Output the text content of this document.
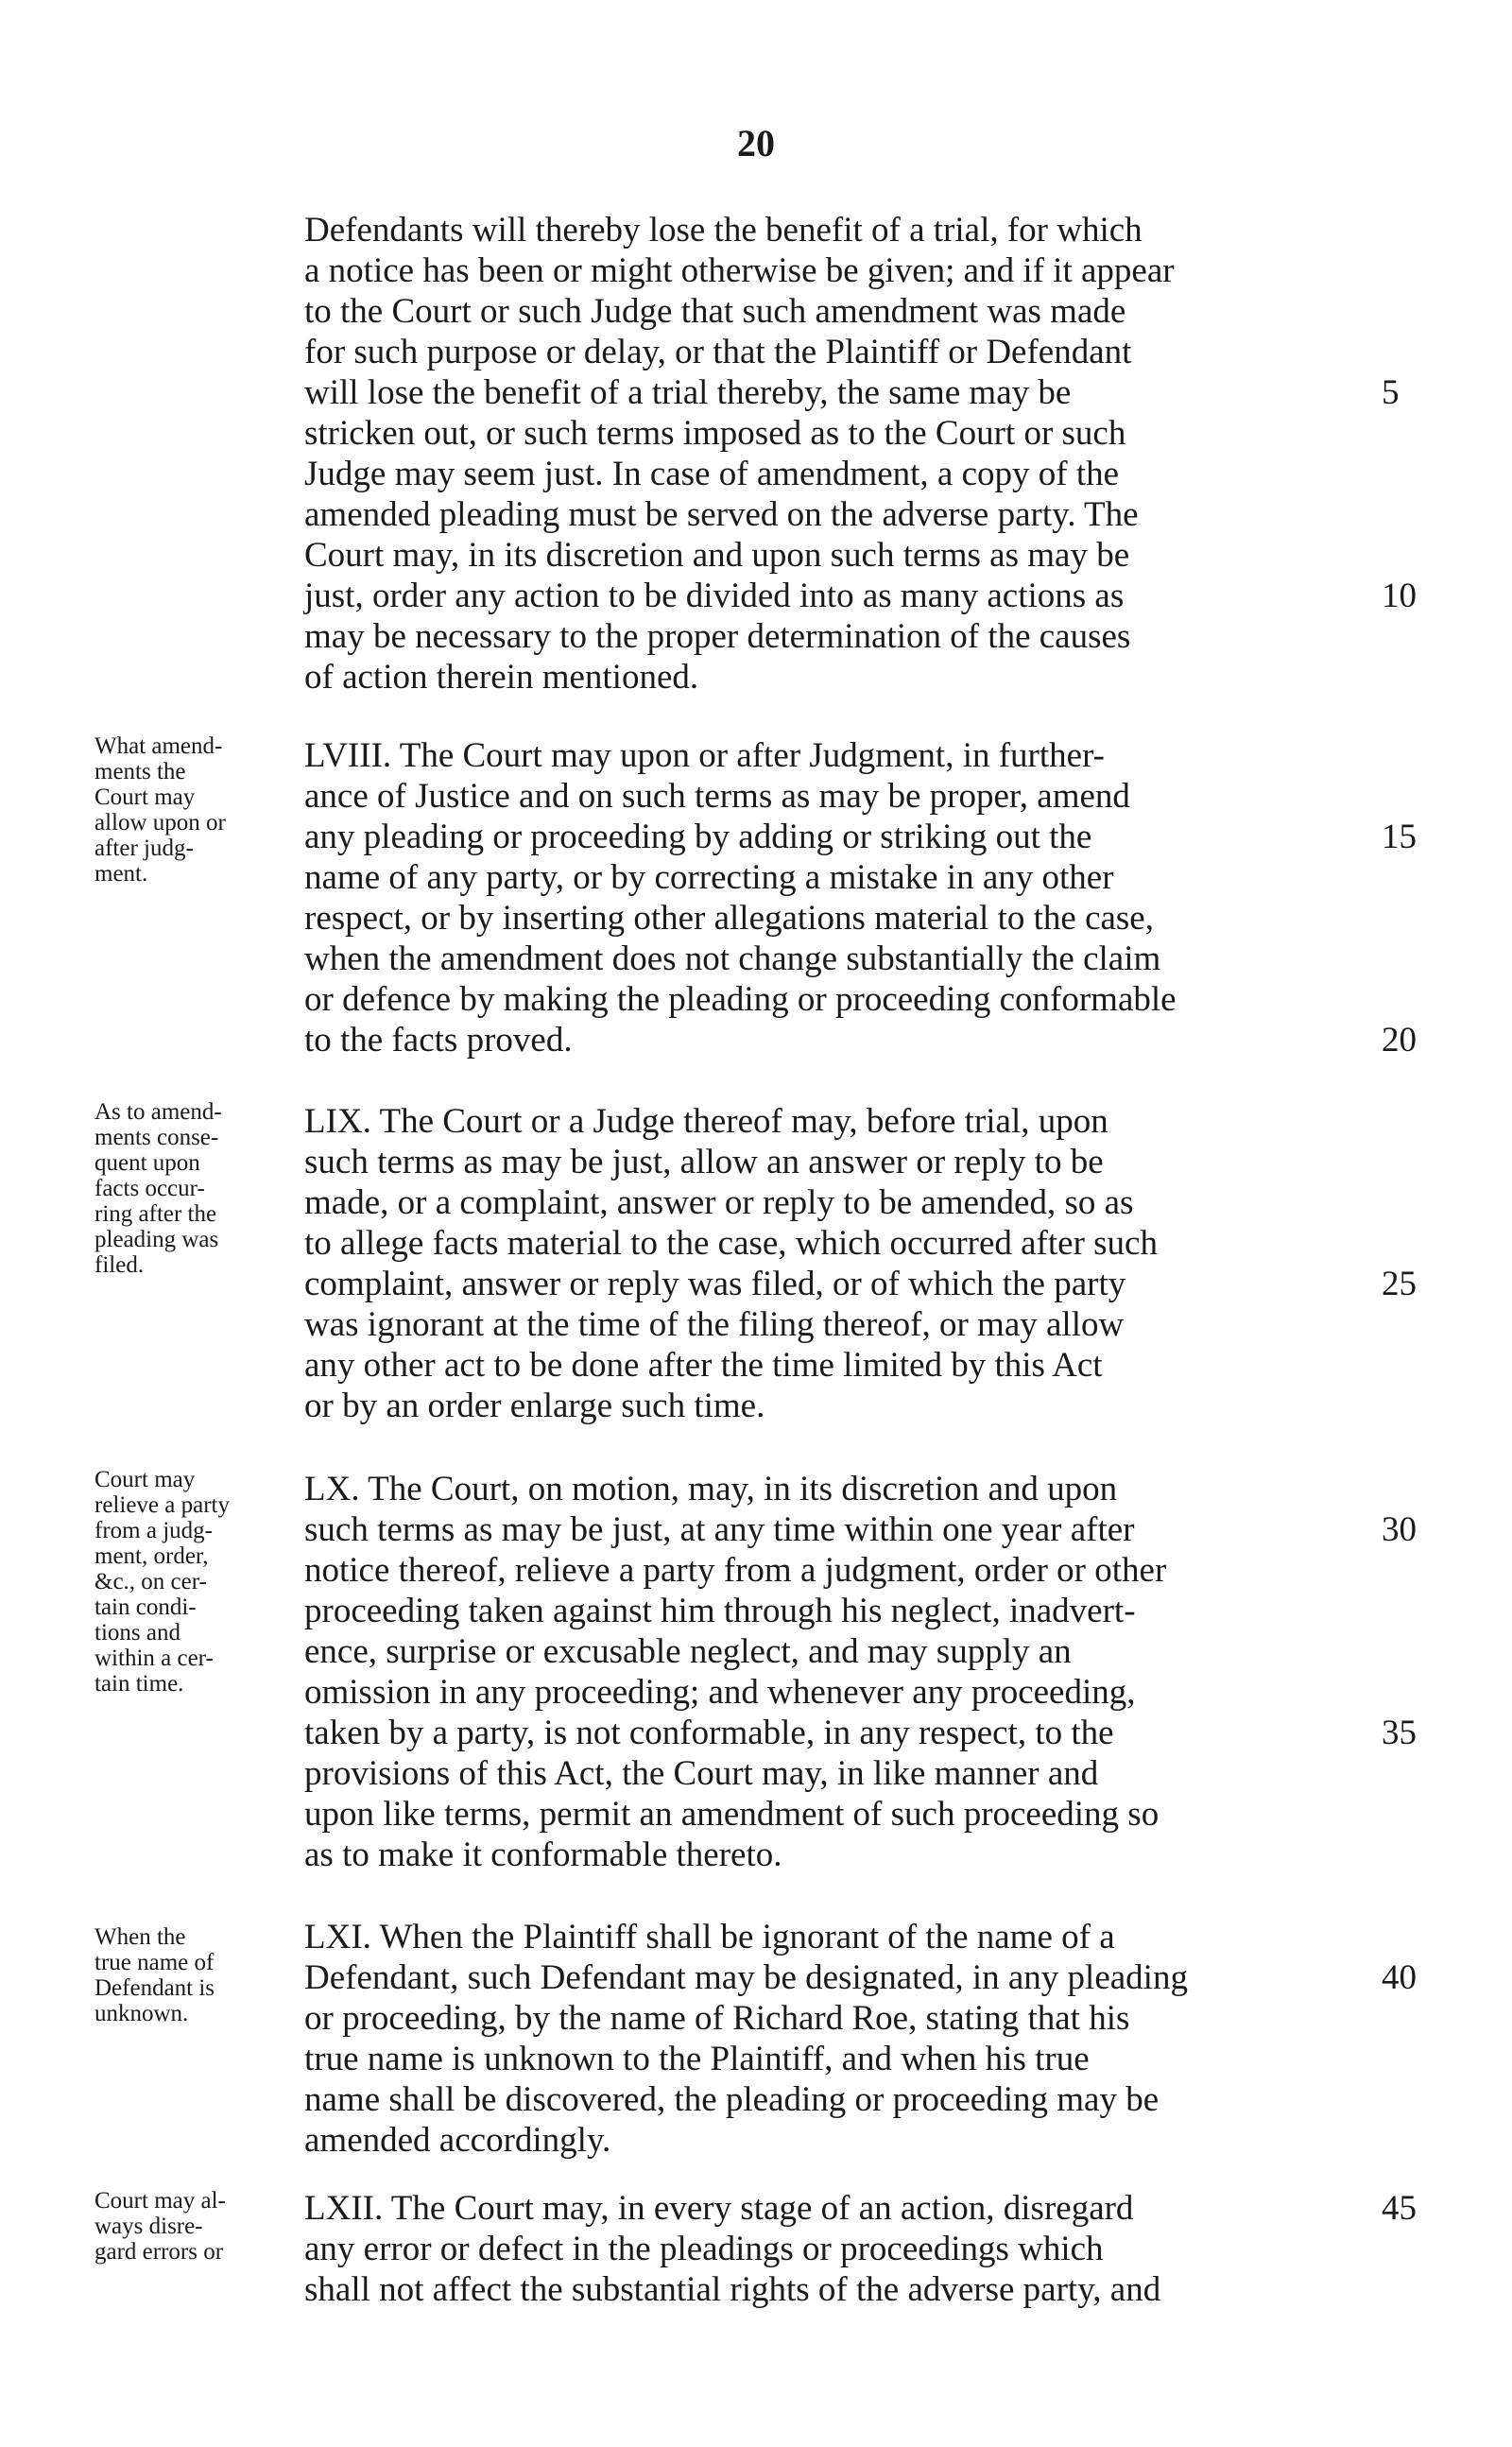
20
Defendants will thereby lose the benefit of a trial, for which
a notice has been or might otherwise be given; and if it appear
to the Court or such Judge that such amendment was made
for such purpose or delay, or that the Plaintiff or Defendant
will lose the benefit of a trial thereby, the same may be
stricken out, or such terms imposed as to the Court or such
Judge may seem just. In case of amendment, a copy of the
amended pleading must be served on the adverse party. The
Court may, in its discretion and upon such terms as may be
just, order any action to be divided into as many actions as
may be necessary to the proper determination of the causes
of action therein mentioned.
What amend-
ments the
Court may
allow upon or
after judg-
ment.
LVIII. The Court may upon or after Judgment, in further-
ance of Justice and on such terms as may be proper, amend
any pleading or proceeding by adding or striking out the
name of any party, or by correcting a mistake in any other
respect, or by inserting other allegations material to the case,
when the amendment does not change substantially the claim
or defence by making the pleading or proceeding conformable
to the facts proved.
As to amend-
ments conse-
quent upon
facts occur-
ring after the
pleading was
filed.
LIX. The Court or a Judge thereof may, before trial, upon
such terms as may be just, allow an answer or reply to be
made, or a complaint, answer or reply to be amended, so as
to allege facts material to the case, which occurred after such
complaint, answer or reply was filed, or of which the party
was ignorant at the time of the filing thereof, or may allow
any other act to be done after the time limited by this Act
or by an order enlarge such time.
Court may
relieve a party
from a judg-
ment, order,
&c., on cer-
tain condi-
tions and
within a cer-
tain time.
LX. The Court, on motion, may, in its discretion and upon
such terms as may be just, at any time within one year after
notice thereof, relieve a party from a judgment, order or other
proceeding taken against him through his neglect, inadvert-
ence, surprise or excusable neglect, and may supply an
omission in any proceeding; and whenever any proceeding,
taken by a party, is not conformable, in any respect, to the
provisions of this Act, the Court may, in like manner and
upon like terms, permit an amendment of such proceeding so
as to make it conformable thereto.
When the
true name of
Defendant is
unknown.
LXI. When the Plaintiff shall be ignorant of the name of a
Defendant, such Defendant may be designated, in any pleading
or proceeding, by the name of Richard Roe, stating that his
true name is unknown to the Plaintiff, and when his true
name shall be discovered, the pleading or proceeding may be
amended accordingly.
Court may al-
ways disre-
gard errors or
LXII. The Court may, in every stage of an action, disregard
any error or defect in the pleadings or proceedings which
shall not affect the substantial rights of the adverse party, and
5
10
15
20
25
30
35
40
45
